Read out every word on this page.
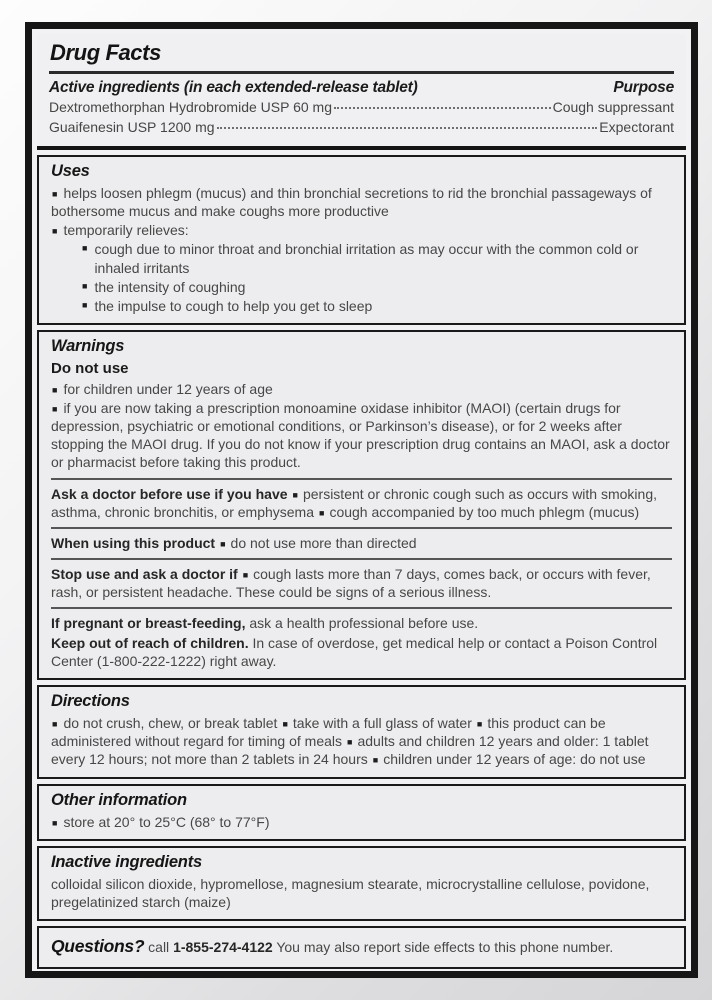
Drug Facts
Active ingredients (in each extended-release tablet)	Purpose
Dextromethorphan Hydrobromide USP 60 mg	Cough suppressant
Guaifenesin USP 1200 mg	Expectorant
Uses
■ helps loosen phlegm (mucus) and thin bronchial secretions to rid the bronchial passageways of bothersome mucus and make coughs more productive
■ temporarily relieves:
■ cough due to minor throat and bronchial irritation as may occur with the common cold or inhaled irritants
■ the intensity of coughing
■ the impulse to cough to help you get to sleep
Warnings
Do not use
■ for children under 12 years of age
■ if you are now taking a prescription monoamine oxidase inhibitor (MAOI) (certain drugs for depression, psychiatric or emotional conditions, or Parkinson’s disease), or for 2 weeks after stopping the MAOI drug. If you do not know if your prescription drug contains an MAOI, ask a doctor or pharmacist before taking this product.
Ask a doctor before use if you have ■ persistent or chronic cough such as occurs with smoking, asthma, chronic bronchitis, or emphysema ■ cough accompanied by too much phlegm (mucus)
When using this product ■ do not use more than directed
Stop use and ask a doctor if ■ cough lasts more than 7 days, comes back, or occurs with fever, rash, or persistent headache. These could be signs of a serious illness.
If pregnant or breast-feeding, ask a health professional before use.
Keep out of reach of children. In case of overdose, get medical help or contact a Poison Control Center (1-800-222-1222) right away.
Directions
■ do not crush, chew, or break tablet ■ take with a full glass of water ■ this product can be administered without regard for timing of meals ■ adults and children 12 years and older: 1 tablet every 12 hours; not more than 2 tablets in 24 hours ■ children under 12 years of age: do not use
Other information
■ store at 20° to 25°C (68° to 77°F)
Inactive ingredients
colloidal silicon dioxide, hypromellose, magnesium stearate, microcrystalline cellulose, povidone, pregelatinized starch (maize)
Questions? call 1-855-274-4122 You may also report side effects to this phone number.
